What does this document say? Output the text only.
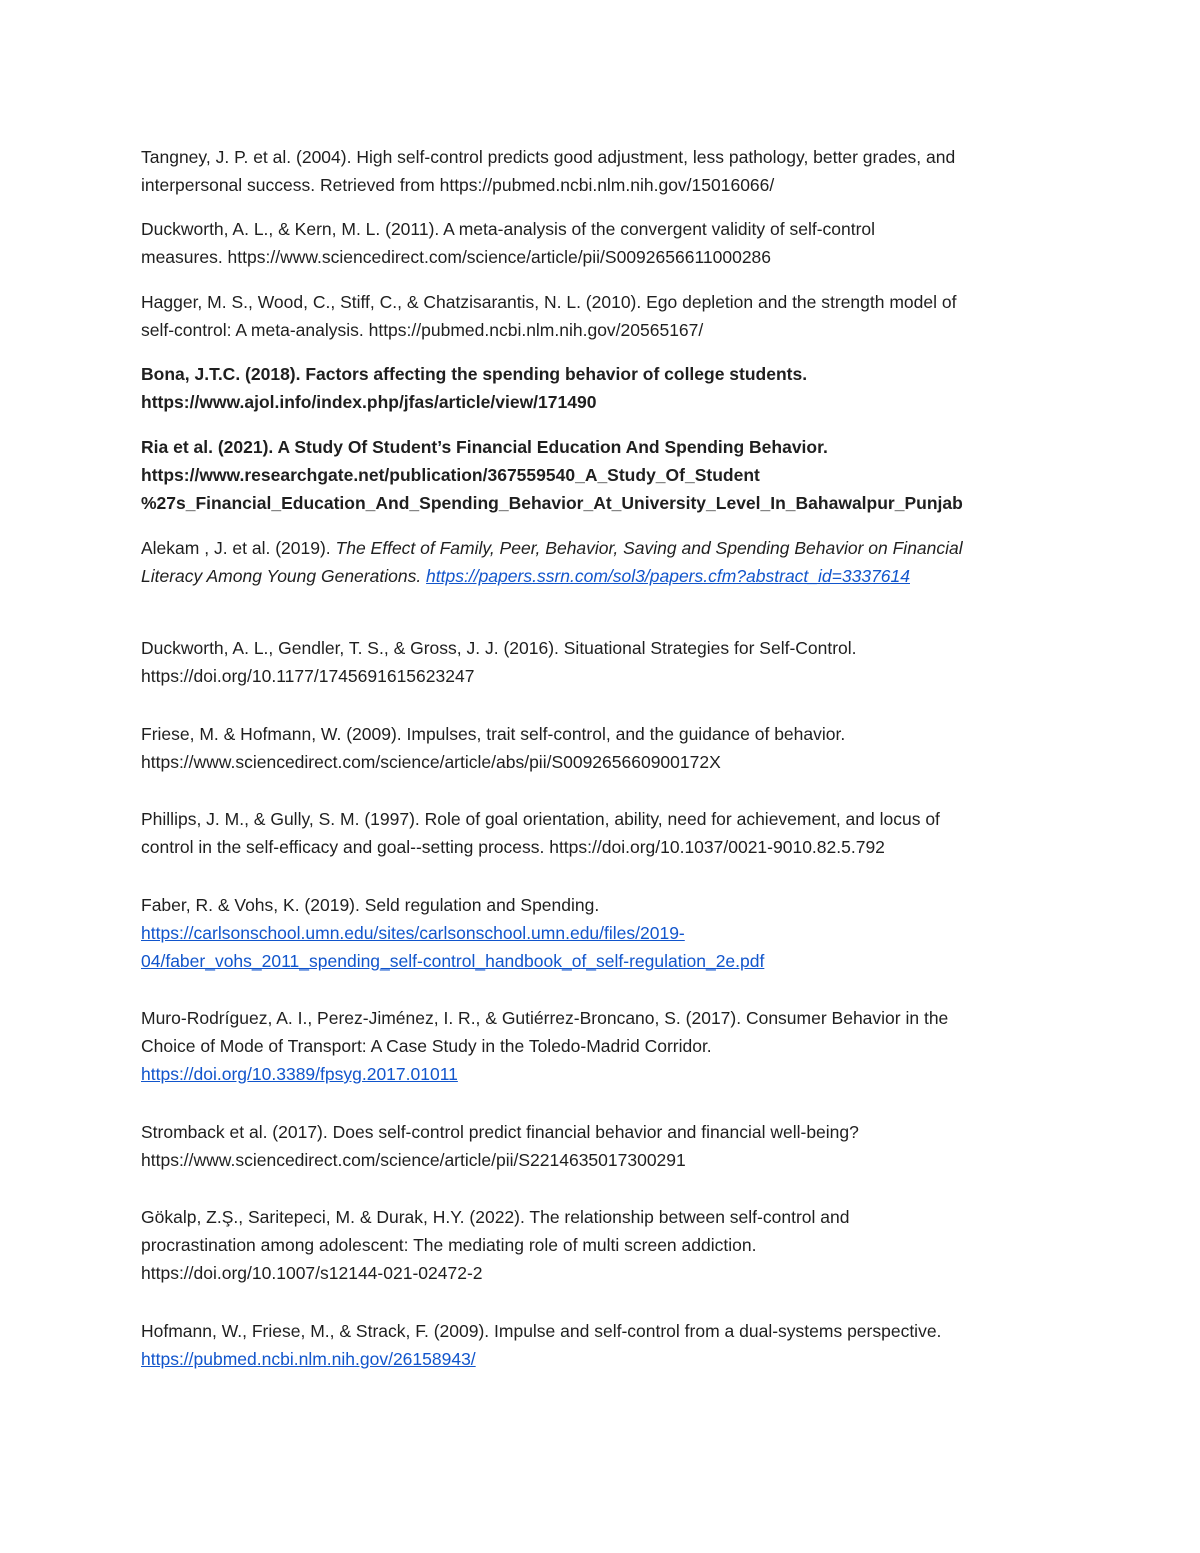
Tangney, J. P. et al. (2004). High self-control predicts good adjustment, less pathology, better grades, and
interpersonal success. Retrieved from https://pubmed.ncbi.nlm.nih.gov/15016066/
Duckworth, A. L., & Kern, M. L. (2011). A meta-analysis of the convergent validity of self-control
measures. https://www.sciencedirect.com/science/article/pii/S0092656611000286
Hagger, M. S., Wood, C., Stiff, C., & Chatzisarantis, N. L. (2010). Ego depletion and the strength model of
self-control: A meta-analysis. https://pubmed.ncbi.nlm.nih.gov/20565167/
Bona, J.T.C. (2018). Factors affecting the spending behavior of college students.
https://www.ajol.info/index.php/jfas/article/view/171490
Ria et al. (2021). A Study Of Student’s Financial Education And Spending Behavior.
https://www.researchgate.net/publication/367559540_A_Study_Of_Student
%27s_Financial_Education_And_Spending_Behavior_At_University_Level_In_Bahawalpur_Punjab
Alekam , J. et al. (2019). The Effect of Family, Peer, Behavior, Saving and Spending Behavior on Financial
Literacy Among Young Generations. https://papers.ssrn.com/sol3/papers.cfm?abstract_id=3337614
Duckworth, A. L., Gendler, T. S., & Gross, J. J. (2016). Situational Strategies for Self-Control.
https://doi.org/10.1177/1745691615623247
Friese, M. & Hofmann, W. (2009). Impulses, trait self-control, and the guidance of behavior.
https://www.sciencedirect.com/science/article/abs/pii/S009265660900172X
Phillips, J. M., & Gully, S. M. (1997). Role of goal orientation, ability, need for achievement, and locus of
control in the self-efficacy and goal--setting process. https://doi.org/10.1037/0021-9010.82.5.792
Faber, R. & Vohs, K. (2019). Seld regulation and Spending.
https://carlsonschool.umn.edu/sites/carlsonschool.umn.edu/files/2019-
04/faber_vohs_2011_spending_self-control_handbook_of_self-regulation_2e.pdf
Muro-Rodríguez, A. I., Perez-Jiménez, I. R., & Gutiérrez-Broncano, S. (2017). Consumer Behavior in the
Choice of Mode of Transport: A Case Study in the Toledo-Madrid Corridor.
https://doi.org/10.3389/fpsyg.2017.01011
Stromback et al. (2017). Does self-control predict financial behavior and financial well-being?
https://www.sciencedirect.com/science/article/pii/S2214635017300291
Gökalp, Z.Ş., Saritepeci, M. & Durak, H.Y. (2022). The relationship between self-control and
procrastination among adolescent: The mediating role of multi screen addiction.
https://doi.org/10.1007/s12144-021-02472-2
Hofmann, W., Friese, M., & Strack, F. (2009). Impulse and self-control from a dual-systems perspective.
https://pubmed.ncbi.nlm.nih.gov/26158943/
